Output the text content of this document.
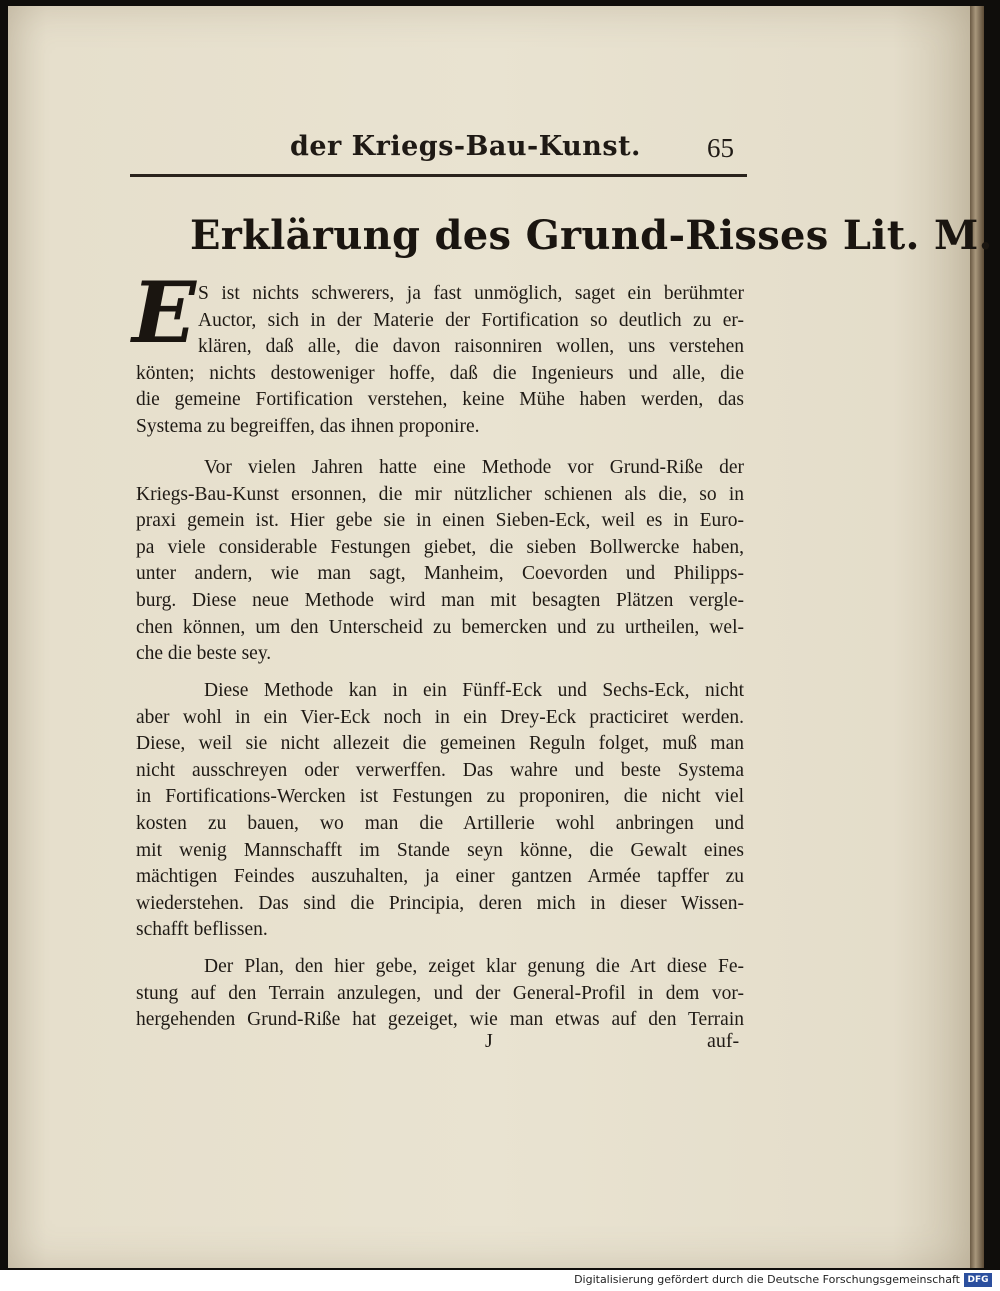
der Kriegs-Bau-Kunst. 65
Erklärung des Grund-Risses Lit. M.
E S ist nichts schwerers, ja fast unmöglich, saget ein berühmter
Auctor, sich in der Materie der Fortification so deutlich zu er-
klären, daß alle, die davon raisonniren wollen, uns verstehen
könten; nichts destoweniger hoffe, daß die Ingenieurs und alle, die
die gemeine Fortification verstehen, keine Mühe haben werden, das
Systema zu begreiffen, das ihnen proponire.
Vor vielen Jahren hatte eine Methode vor Grund-Riße der
Kriegs-Bau-Kunst ersonnen, die mir nützlicher schienen als die, so in
praxi gemein ist. Hier gebe sie in einen Sieben-Eck, weil es in Euro-
pa viele considerable Festungen giebet, die sieben Bollwercke haben,
unter andern, wie man sagt, Manheim, Coevorden und Philipps-
burg. Diese neue Methode wird man mit besagten Plätzen vergle-
chen können, um den Unterscheid zu bemercken und zu urtheilen, wel-
che die beste sey.
Diese Methode kan in ein Fünff-Eck und Sechs-Eck, nicht
aber wohl in ein Vier-Eck noch in ein Drey-Eck practiciret werden.
Diese, weil sie nicht allezeit die gemeinen Reguln folget, muß man
nicht ausschreyen oder verwerffen. Das wahre und beste Systema
in Fortifications-Wercken ist Festungen zu proponiren, die nicht viel
kosten zu bauen, wo man die Artillerie wohl anbringen und
mit wenig Mannschafft im Stande seyn könne, die Gewalt eines
mächtigen Feindes auszuhalten, ja einer gantzen Armée tapffer zu
wiederstehen. Das sind die Principia, deren mich in dieser Wissen-
schafft beflissen.
Der Plan, den hier gebe, zeiget klar genung die Art diese Fe-
stung auf den Terrain anzulegen, und der General-Profil in dem vor-
hergehenden Grund-Riße hat gezeiget, wie man etwas auf den Terrain
J	auf-
Digitalisierung gefördert durch die Deutsche Forschungsgemeinschaft DFG
